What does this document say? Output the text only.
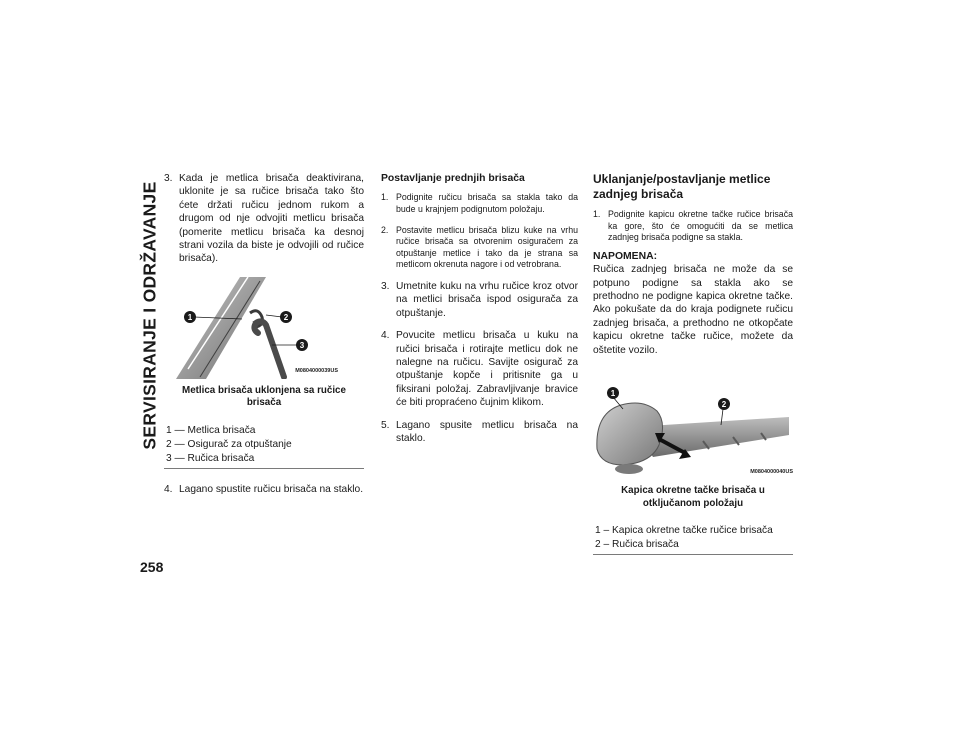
SERVISIRANJE I ODRŽAVANJE
258
3. Kada je metlica brisača deaktivirana, uklonite je sa ručice brisača tako što ćete držati ručicu jednom rukom a drugom od nje odvojiti metlicu brisača (pomerite metlicu brisača ka desnoj strani vozila da biste je odvojili od ručice brisača).
1	2
3
M0804000039US
Metlica brisača uklonjena sa ručice brisača
1 — Metlica brisača
2 — Osigurač za otpuštanje
3 — Ručica brisača
4. Lagano spustite ručicu brisača na staklo.
Postavljanje prednjih brisača
1. Podignite ručicu brisača sa stakla tako da bude u krajnjem podignutom položaju.
2. Postavite metlicu brisača blizu kuke na vrhu ručice brisača sa otvorenim osiguračem za otpuštanje metlice i tako da je strana sa metlicom okrenuta nagore i od vetrobrana.
3. Umetnite kuku na vrhu ručice kroz otvor na metlici brisača ispod osigurača za otpuštanje.
4. Povucite metlicu brisača u kuku na ručici brisača i rotirajte metlicu dok ne nalegne na ručicu. Savijte osigurač za otpuštanje kopče i pritisnite ga u fiksirani položaj. Zabravljivanje bravice će biti propraćeno čujnim klikom.
5. Lagano spusite metlicu brisača na staklo.
Uklanjanje/postavljanje metlice zadnjeg brisača
1. Podignite kapicu okretne tačke ručice brisača ka gore, što će omogućiti da se metlica zadnjeg brisača podigne sa stakla.
NAPOMENA:
Ručica zadnjeg brisača ne može da se potpuno podigne sa stakla ako se prethodno ne podigne kapica okretne tačke. Ako pokušate da do kraja podignete ručicu zadnjeg brisača, a prethodno ne otkopčate kapicu okretne tačke ručice, možete da oštetite vozilo.
1
2
M0804000040US
Kapica okretne tačke brisača u otključanom položaju
1 – Kapica okretne tačke ručice brisača
2 – Ručica brisača
